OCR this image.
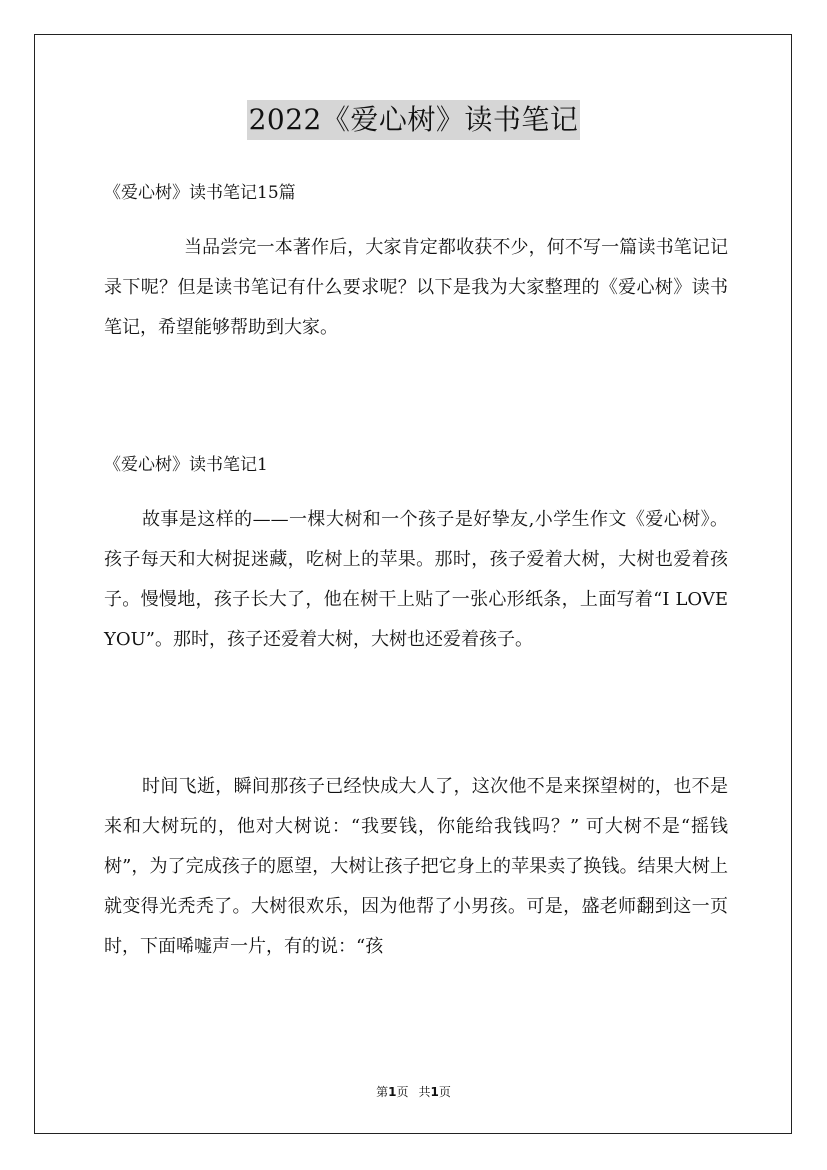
2022《爱心树》读书笔记
《爱心树》读书笔记15篇

当品尝完一本著作后，大家肯定都收获不少，何不写一篇读书笔记记录下呢？但是读书笔记有什么要求呢？以下是我为大家整理的《爱心树》读书笔记，希望能够帮助到大家。

《爱心树》读书笔记1

故事是这样的——一棵大树和一个孩子是好挚友,小学生作文《爱心树》。孩子每天和大树捉迷藏，吃树上的苹果。那时，孩子爱着大树，大树也爱着孩子。慢慢地，孩子长大了，他在树干上贴了一张心形纸条，上面写着“I LOVE YOU”。那时，孩子还爱着大树，大树也还爱着孩子。

时间飞逝，瞬间那孩子已经快成大人了，这次他不是来探望树的，也不是来和大树玩的，他对大树说：“我要钱，你能给我钱吗？” 可大树不是“摇钱树”，为了完成孩子的愿望，大树让孩子把它身上的苹果卖了换钱。结果大树上就变得光秃秃了。大树很欢乐，因为他帮了小男孩。可是，盛老师翻到这一页时，下面唏嘘声一片，有的说：“孩

第1页 共1页
